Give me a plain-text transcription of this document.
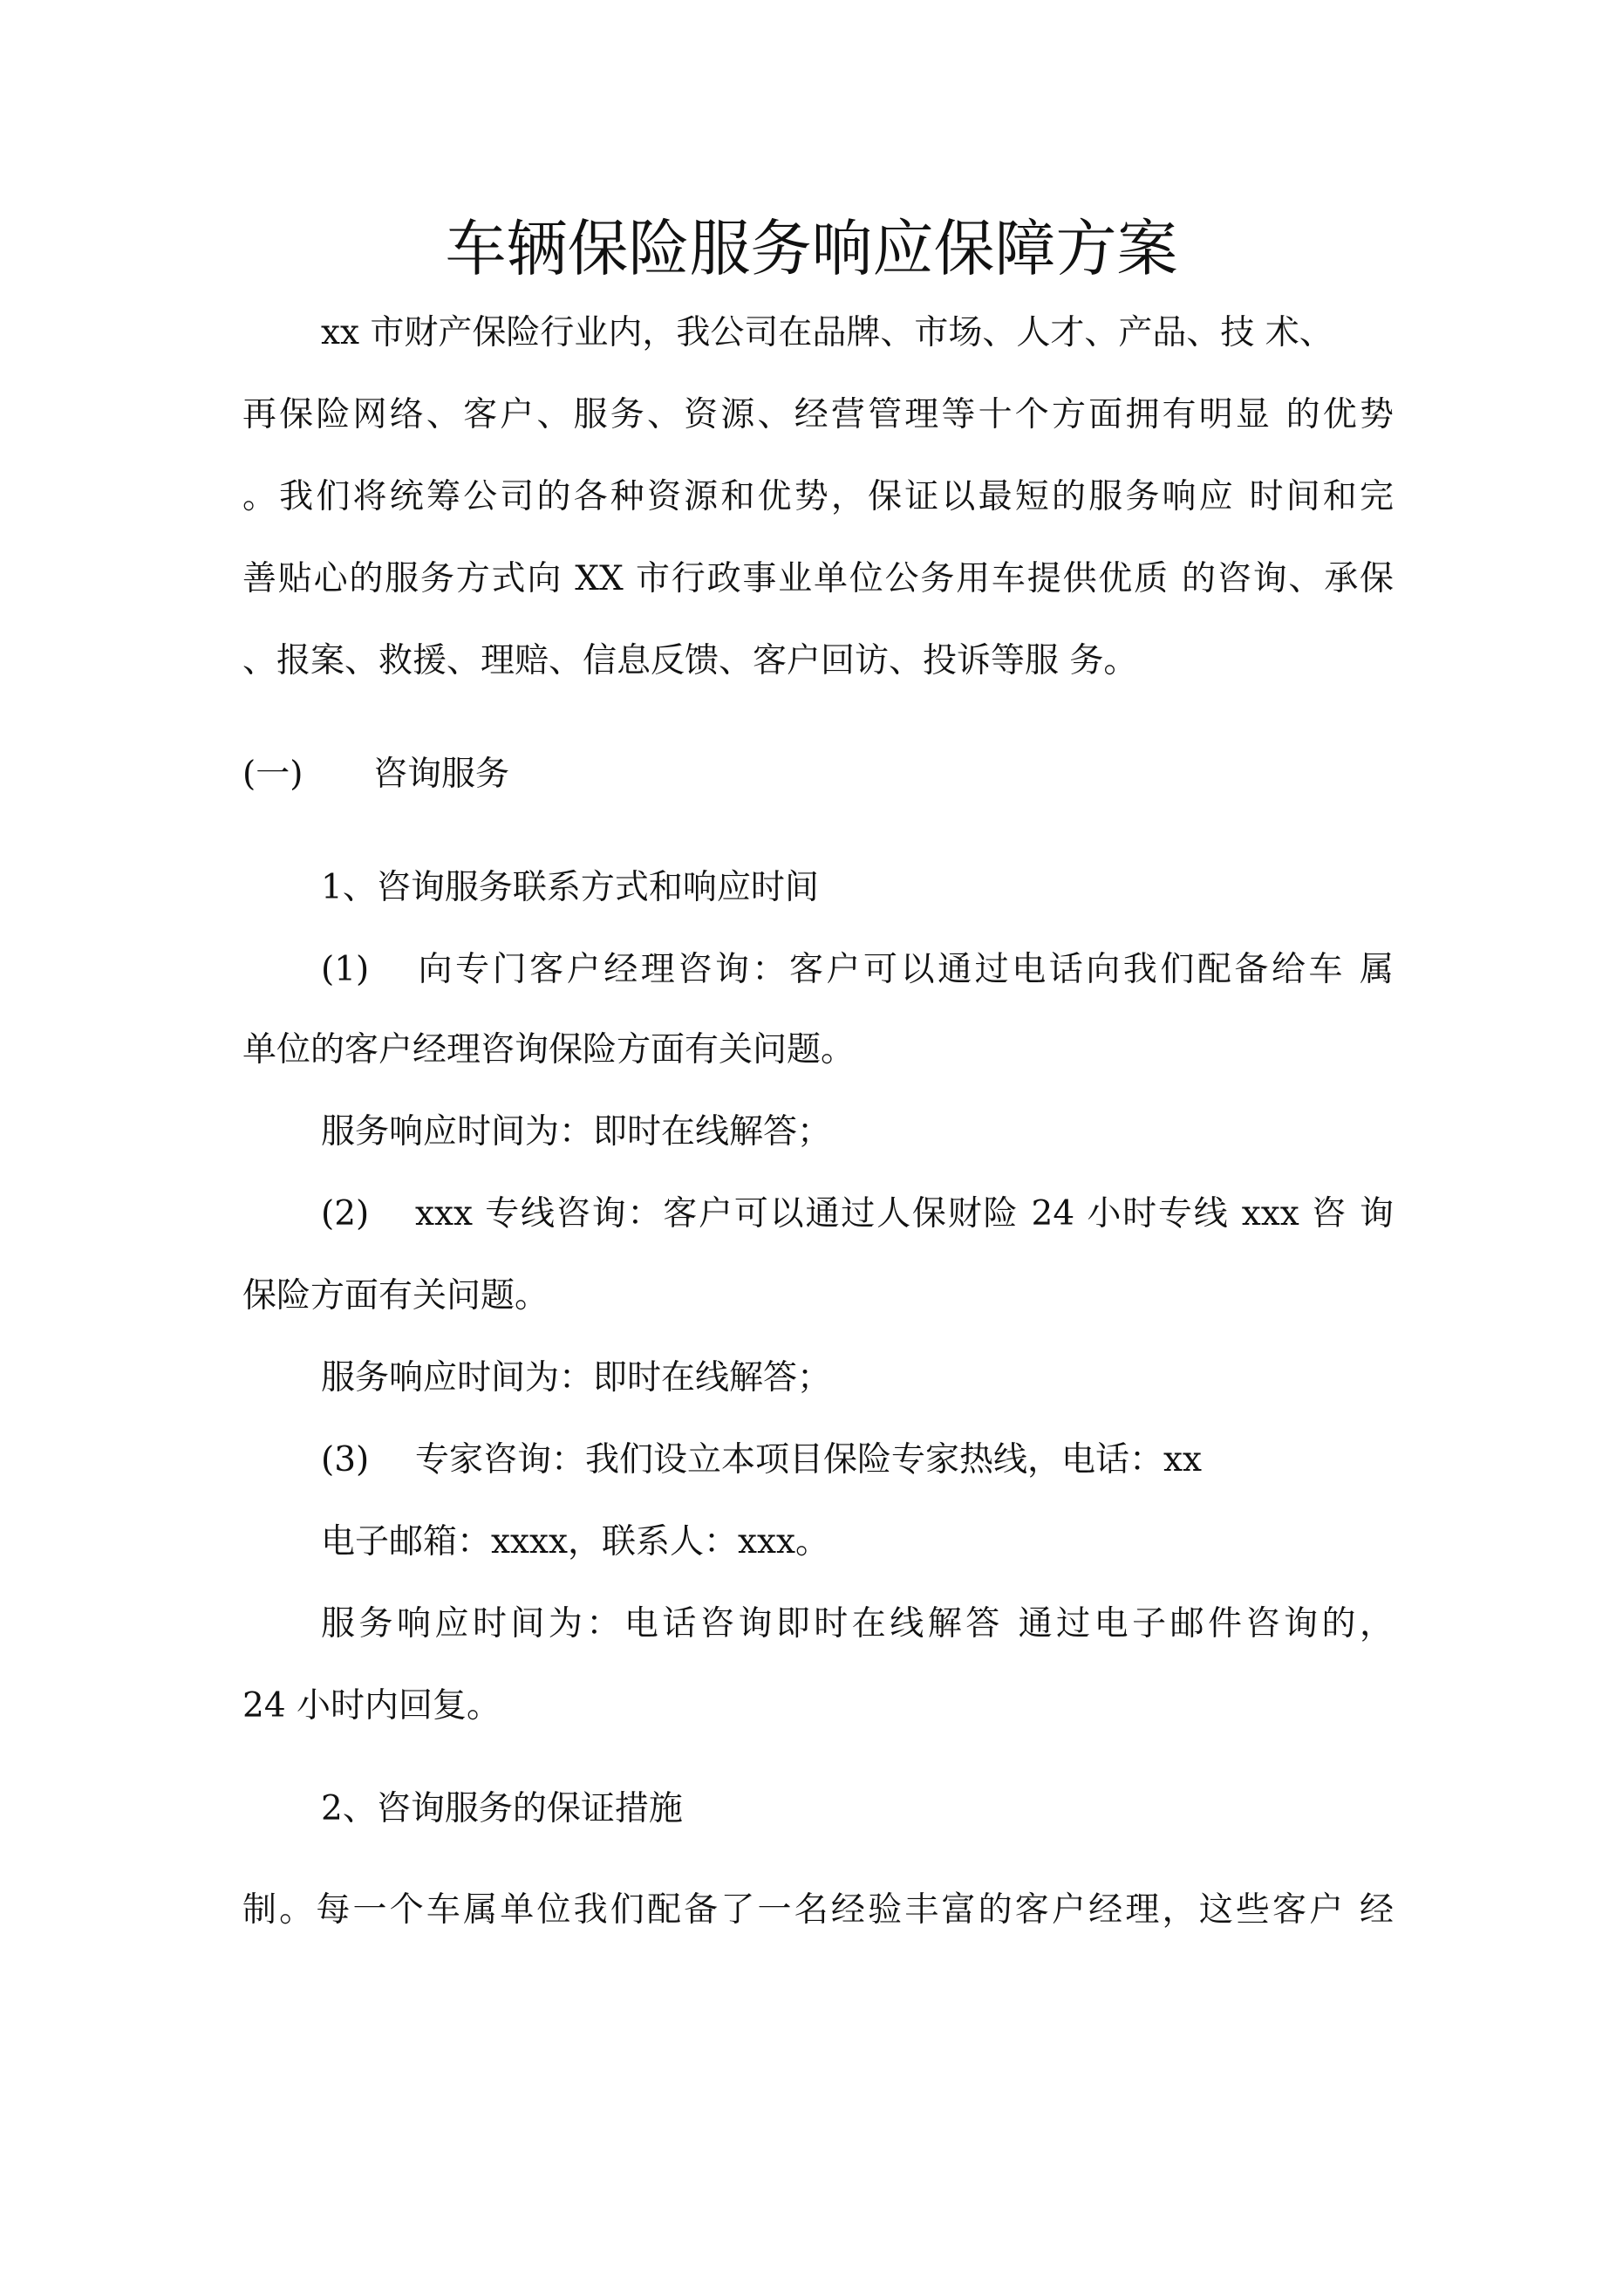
车辆保险服务响应保障方案

xx 市财产保险行业内，我公司在品牌、市场、人才、产品、技 术、

再保险网络、客户、服务、资源、经营管理等十个方面拥有明显 的优势

。我们将统筹公司的各种资源和优势，保证以最短的服务响应 时间和完

善贴心的服务方式向 XX 市行政事业单位公务用车提供优质 的咨询、承保

、报案、救援、理赔、信息反馈、客户回访、投诉等服 务。

(一) 咨询服务

1、咨询服务联系方式和响应时间

(1) 向专门客户经理咨询：客户可以通过电话向我们配备给车 属

单位的客户经理咨询保险方面有关问题。

服务响应时间为：即时在线解答；

(2) xxx 专线咨询：客户可以通过人保财险 24 小时专线 xxx 咨 询

保险方面有关问题。

服务响应时间为：即时在线解答；

(3) 专家咨询：我们设立本项目保险专家热线，电话：xx

电子邮箱：xxxx，联系人：xxx。

服务响应时间为：电话咨询即时在线解答 通过电子邮件咨询的，

24 小时内回复。

2、咨询服务的保证措施

制。每一个车属单位我们配备了一名经验丰富的客户经理，这些客户 经
